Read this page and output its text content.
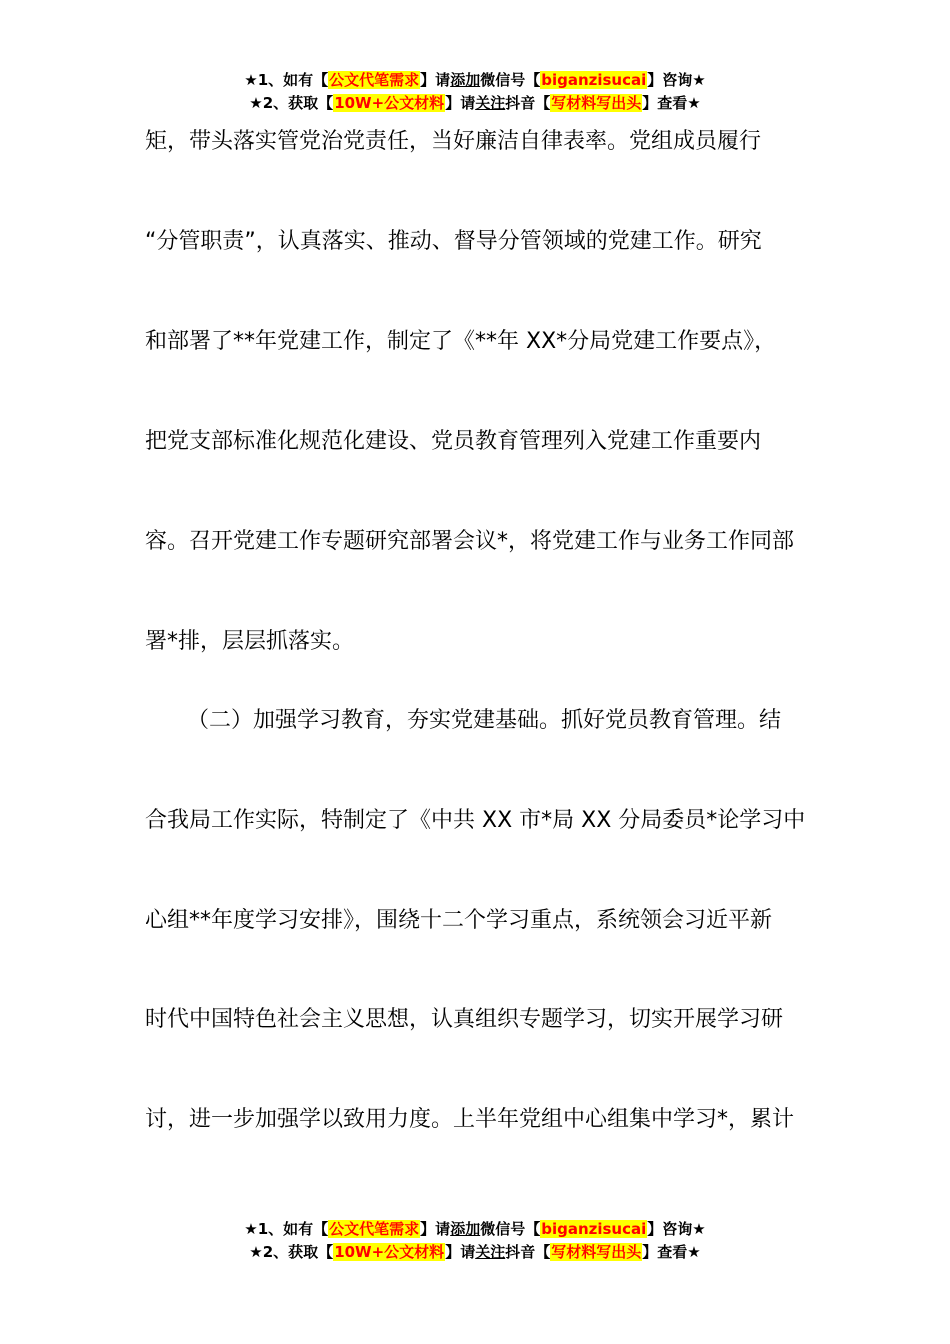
★1、如有【公文代笔需求】请添加微信号【biganzisucai】咨询★
★2、获取【10W+公文材料】请关注抖音【写材料写出头】查看★
矩，带头落实管党治党责任，当好廉洁自律表率。党组成员履行
“分管职责”，认真落实、推动、督导分管领域的党建工作。研究
和部署了**年党建工作，制定了《**年 XX*分局党建工作要点》，
把党支部标准化规范化建设、党员教育管理列入党建工作重要内
容。召开党建工作专题研究部署会议*，将党建工作与业务工作同部
署*排，层层抓落实。
（二）加强学习教育，夯实党建基础。抓好党员教育管理。结
合我局工作实际，特制定了《中共 XX 市*局 XX 分局委员*论学习中
心组**年度学习安排》，围绕十二个学习重点，系统领会习近平新
时代中国特色社会主义思想，认真组织专题学习，切实开展学习研
讨，进一步加强学以致用力度。上半年党组中心组集中学习*，累计
★1、如有【公文代笔需求】请添加微信号【biganzisucai】咨询★
★2、获取【10W+公文材料】请关注抖音【写材料写出头】查看★
